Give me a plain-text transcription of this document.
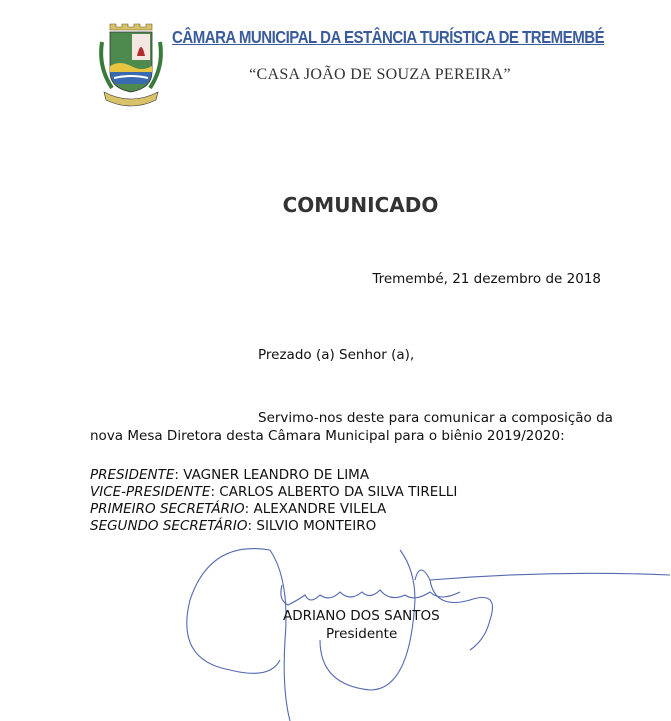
CÂMARA MUNICIPAL DA ESTÂNCIA TURÍSTICA DE TREMEMBÉ
“CASA JOÃO DE SOUZA PEREIRA”
COMUNICADO
Tremembé, 21 dezembro de 2018
Prezado (a) Senhor (a),
Servimo-nos deste para comunicar a composição da
nova Mesa Diretora desta Câmara Municipal para o biênio 2019/2020:
PRESIDENTE: VAGNER LEANDRO DE LIMA
VICE-PRESIDENTE: CARLOS ALBERTO DA SILVA TIRELLI
PRIMEIRO SECRETÁRIO: ALEXANDRE VILELA
SEGUNDO SECRETÁRIO: SILVIO MONTEIRO
ADRIANO DOS SANTOS
Presidente
